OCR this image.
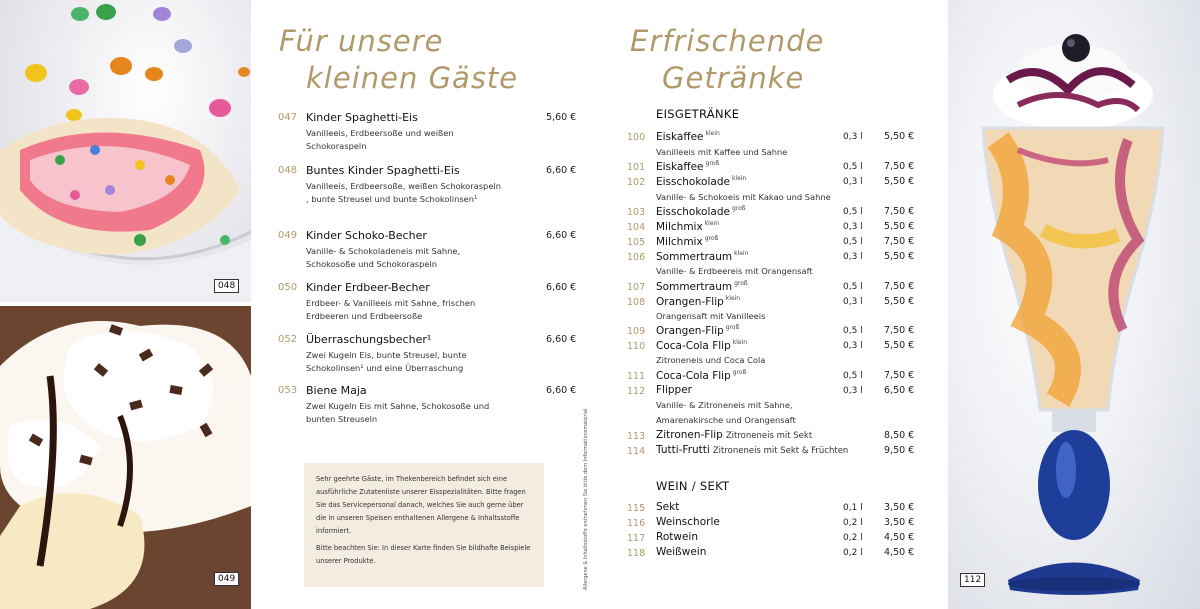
048
049
Für unsere
kleinen Gäste
047 Kinder Spaghetti-Eis
Vanilleeis, Erdbeersoße und weißen Schokoraspeln
5,60 €
048 Buntes Kinder Spaghetti-Eis
Vanilleeis, Erdbeersoße, weißen Schokoraspeln , bunte Streusel und bunte Schokolinsen¹
6,60 €
049 Kinder Schoko-Becher
Vanille- & Schokoladeneis mit Sahne, Schokosoße und Schokoraspeln
6,60 €
050 Kinder Erdbeer-Becher
Erdbeer- & Vanilleeis mit Sahne, frischen Erdbeeren und Erdbeersoße
6,60 €
052 Überraschungsbecher¹
Zwei Kugeln Eis, bunte Streusel, bunte Schokolinsen¹ und eine Überraschung
6,60 €
053 Biene Maja
Zwei Kugeln Eis mit Sahne, Schokosoße und bunten Streuseln
6,60 €

Sehr geehrte Gäste, im Thekenbereich befindet sich eine ausführliche Zutatenliste unserer Eisspezialitäten. Bitte fragen Sie das Servicepersonal danach, welches Sie auch gerne über die in unseren Speisen enthaltenen Allergene & Inhaltsstoffe informiert.

Bitte beachten Sie: In dieser Karte finden Sie bildhafte Beispiele unserer Produkte.	Allergene & Inhaltsstoffe entnehmen Sie bitte dem Informationsmaterial
Erfrischende
Getränke
EISGETRÄNKE
100 Eiskaffee $^{klein}$	0,3 l 5,50 €
Vanilleeis mit Kaffee und Sahne
101 Eiskaffee $^{groß}$	0,5 l 7,50 €
102 Eisschokolade $^{klein}$	0,3 l 5,50 €
Vanille- & Schokoeis mit Kakao und Sahne
103 Eisschokolade $^{groß}$	0,5 l 7,50 €
104 Milchmix $^{klein}$	0,3 l 5,50 €
105 Milchmix $^{groß}$	0,5 l 7,50 €
106 Sommertraum $^{klein}$	0,3 l 5,50 €
Vanille- & Erdbeereis mit Orangensaft
107 Sommertraum $^{groß}$	0,5 l 7,50 €
108 Orangen-Flip $^{klein}$	0,3 l 5,50 €
Orangensaft mit Vanilleeis
109 Orangen-Flip $^{groß}$	0,5 l 7,50 €
110 Coca-Cola Flip $^{klein}$	0,3 l 5,50 €
Zitroneneis und Coca Cola
111 Coca-Cola Flip $^{groß}$	0,5 l 7,50 €
112 Flipper	0,3 l 6,50 €
Vanille- & Zitroneneis mit Sahne,
Amarenakirsche und Orangensaft
113 Zitronen-Flip Zitroneneis mit Sekt	8,50 €
114 Tutti-Frutti Zitroneneis mit Sekt & Früchten	9,50 €
WEIN / SEKT
115 Sekt	0,1 l 3,50 €
116 Weinschorle	0,2 l 3,50 €
117 Rotwein	0,2 l 4,50 €
118 Weißwein	0,2 l 4,50 €
112
